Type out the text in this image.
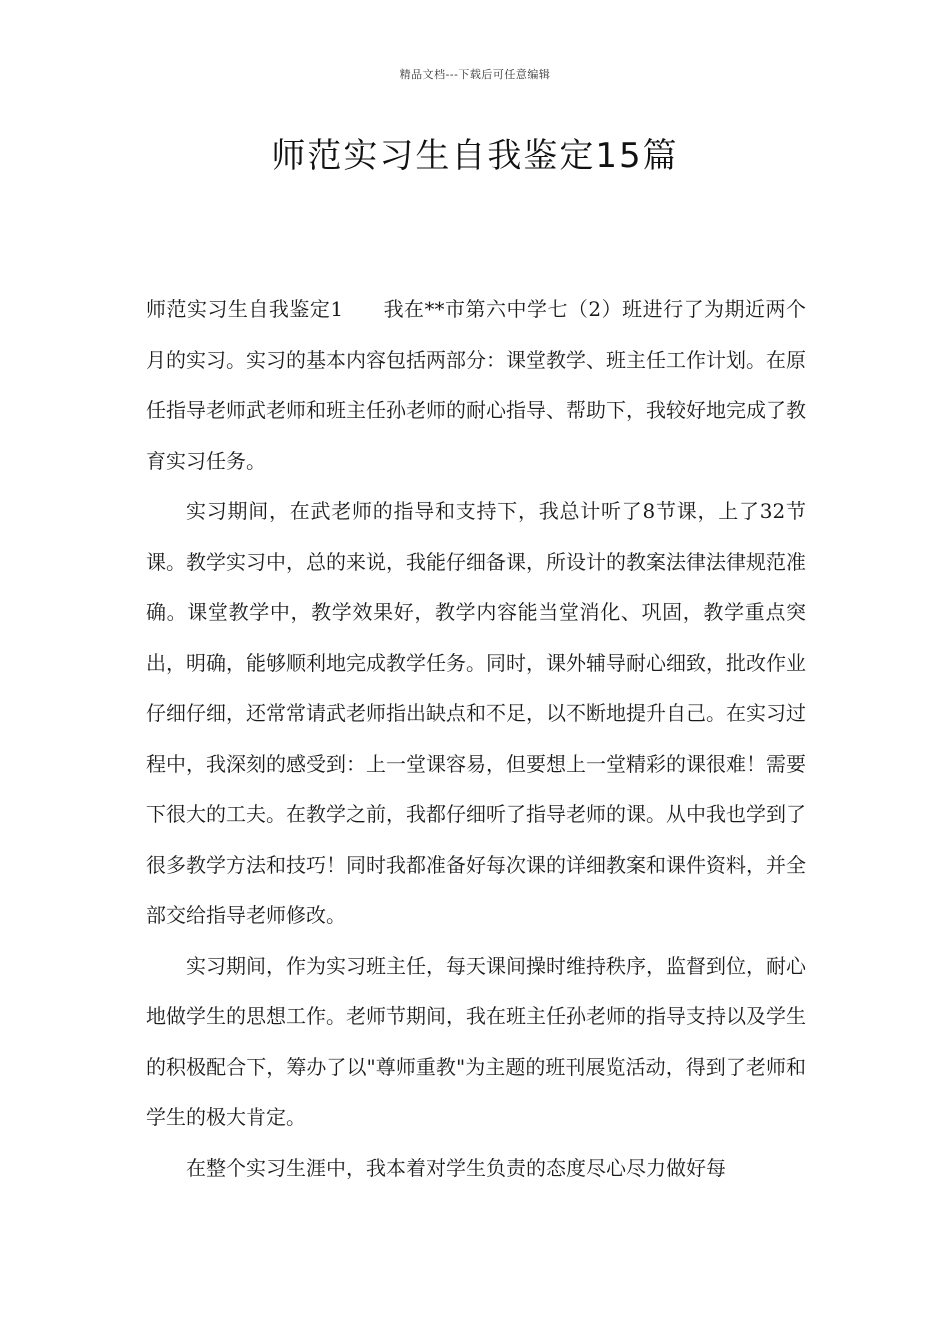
精品文档---下载后可任意编辑
师范实习生自我鉴定15篇

师范实习生自我鉴定1 我在**市第六中学七（2）班进行了为期近两个月的实习。实习的基本内容包括两部分：课堂教学、班主任工作计划。在原任指导老师武老师和班主任孙老师的耐心指导、帮助下，我较好地完成了教育实习任务。

实习期间，在武老师的指导和支持下，我总计听了8节课，上了32节课。教学实习中，总的来说，我能仔细备课，所设计的教案法律法律规范准确。课堂教学中，教学效果好，教学内容能当堂消化、巩固，教学重点突出，明确，能够顺利地完成教学任务。同时，课外辅导耐心细致，批改作业仔细仔细，还常常请武老师指出缺点和不足，以不断地提升自己。在实习过程中，我深刻的感受到：上一堂课容易，但要想上一堂精彩的课很难！需要下很大的工夫。在教学之前，我都仔细听了指导老师的课。从中我也学到了很多教学方法和技巧！同时我都准备好每次课的详细教案和课件资料，并全部交给指导老师修改。

实习期间，作为实习班主任，每天课间操时维持秩序，监督到位，耐心地做学生的思想工作。老师节期间，我在班主任孙老师的指导支持以及学生的积极配合下，筹办了以"尊师重教"为主题的班刊展览活动，得到了老师和学生的极大肯定。

在整个实习生涯中，我本着对学生负责的态度尽心尽力做好每
